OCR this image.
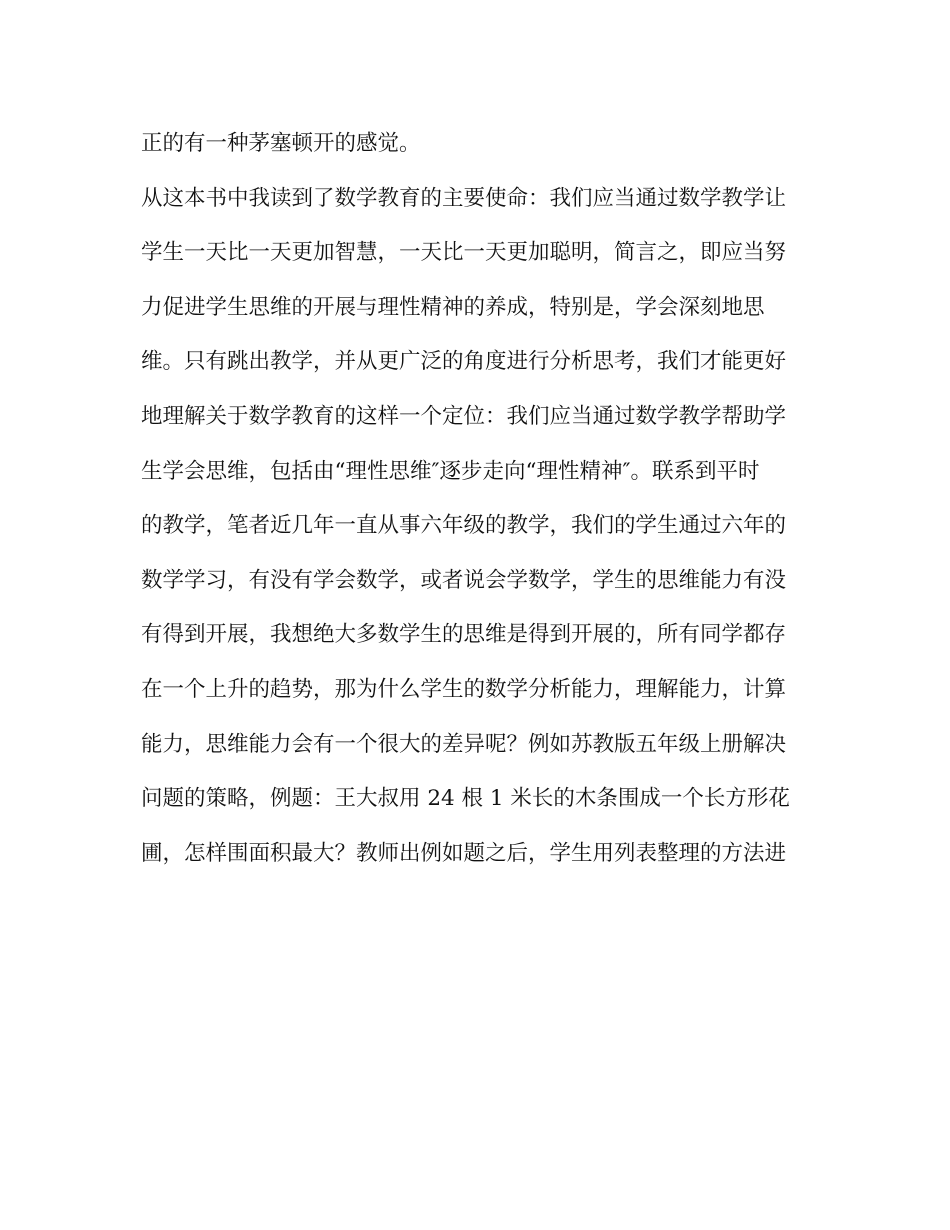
正的有一种茅塞顿开的感觉。
从这本书中我读到了数学教育的主要使命：我们应当通过数学教学让
学生一天比一天更加智慧，一天比一天更加聪明，简言之，即应当努
力促进学生思维的开展与理性精神的养成，特别是，学会深刻地思
维。只有跳出教学，并从更广泛的角度进行分析思考，我们才能更好
地理解关于数学教育的这样一个定位：我们应当通过数学教学帮助学
生学会思维，包括由“理性思维″逐步走向“理性精神″。联系到平时
的教学，笔者近几年一直从事六年级的教学，我们的学生通过六年的
数学学习，有没有学会数学，或者说会学数学，学生的思维能力有没
有得到开展，我想绝大多数学生的思维是得到开展的，所有同学都存
在一个上升的趋势，那为什么学生的数学分析能力，理解能力，计算
能力，思维能力会有一个很大的差异呢？例如苏教版五年级上册解决
问题的策略，例题：王大叔用 24 根 1 米长的木条围成一个长方形花
圃，怎样围面积最大？教师出例如题之后，学生用列表整理的方法进
